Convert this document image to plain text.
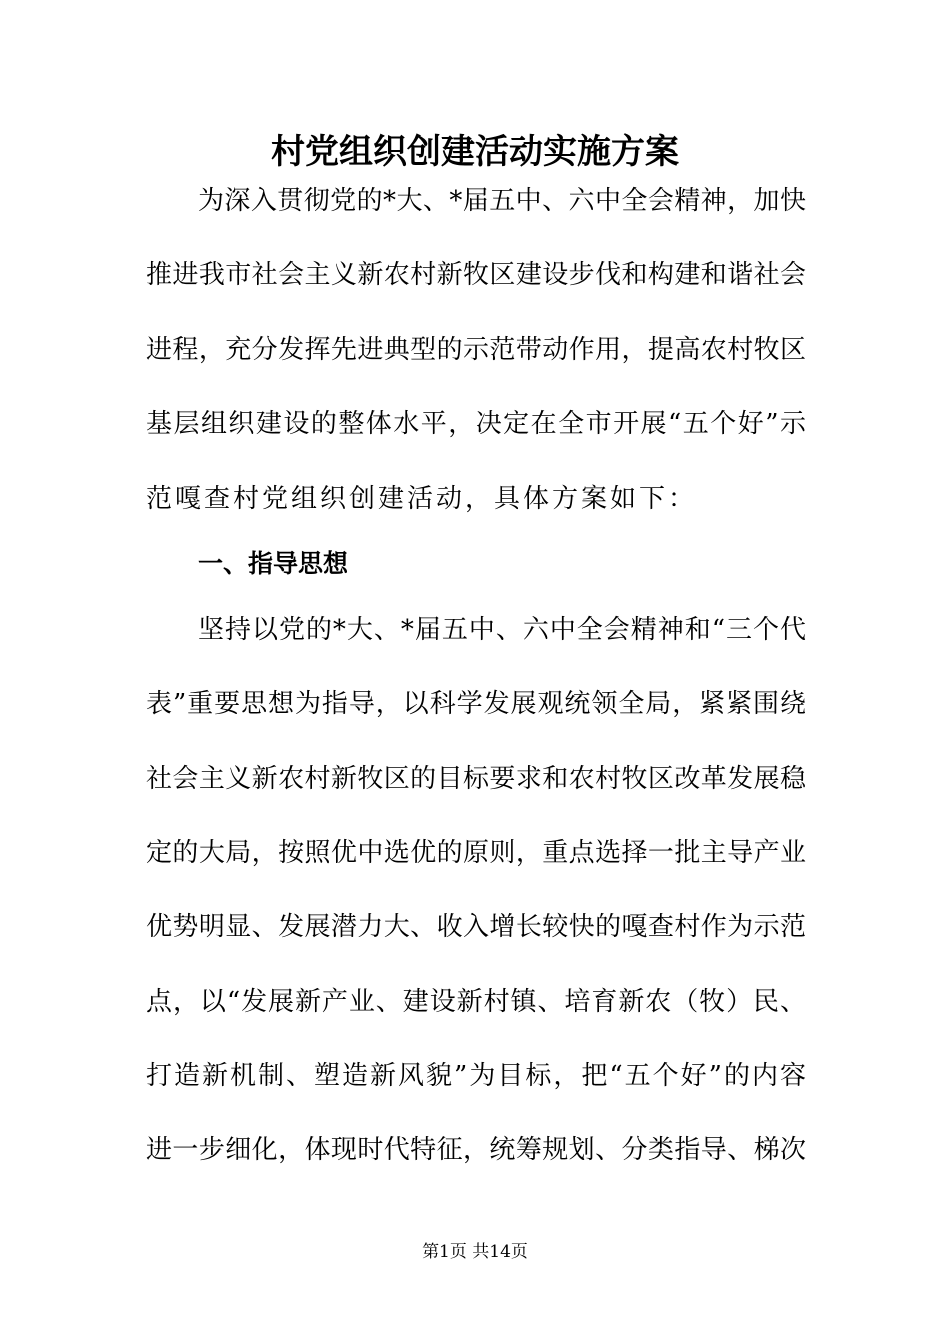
村党组织创建活动实施方案

为深入贯彻党的*大、*届五中、六中全会精神，加快

推进我市社会主义新农村新牧区建设步伐和构建和谐社会

进程，充分发挥先进典型的示范带动作用，提高农村牧区

基层组织建设的整体水平，决定在全市开展“五个好”示

范嘎查村党组织创建活动，具体方案如下：

一、指导思想

坚持以党的*大、*届五中、六中全会精神和“三个代

表”重要思想为指导，以科学发展观统领全局，紧紧围绕

社会主义新农村新牧区的目标要求和农村牧区改革发展稳

定的大局，按照优中选优的原则，重点选择一批主导产业

优势明显、发展潜力大、收入增长较快的嘎查村作为示范

点，以“发展新产业、建设新村镇、培育新农（牧）民、

打造新机制、塑造新风貌”为目标，把“五个好”的内容

进一步细化，体现时代特征，统筹规划、分类指导、梯次

第1页 共14页
